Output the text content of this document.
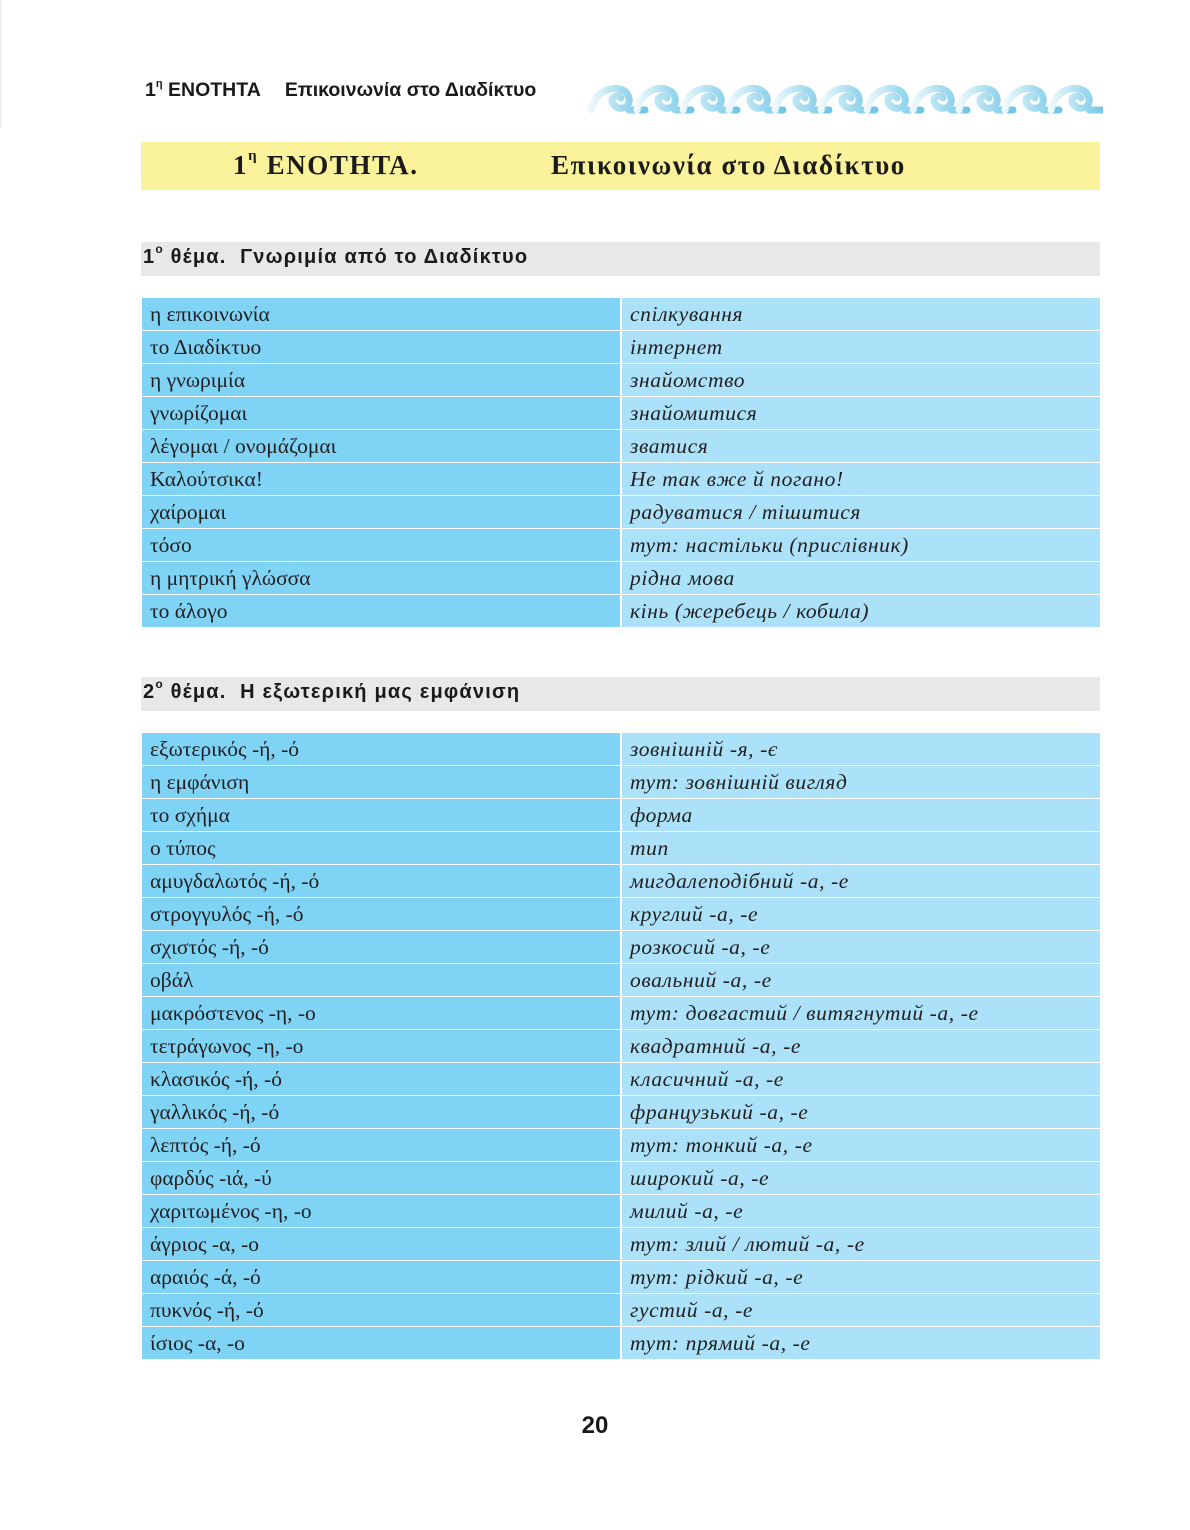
$1^\eta$ ΕΝΟΤΗΤΑ Επικοινωνία στο Διαδίκτυο
$1^\eta$ ΕΝΟΤΗΤΑ.	Επικοινωνία στο Διαδίκτυο
$1^o$ θέμα. Γνωριμία από το Διαδίκτυο
η επικοινωνία	спілкування
το Διαδίκτυο	інтернет
η γνωριμία	знайомство
γνωρίζομαι	знайомитися
λέγομαι / ονομάζομαι	зватися
Καλούτσικα!	Не так вже й погано!
χαίρομαι	радуватися / тішитися
τόσο	тут: настільки (прислівник)
η μητρική γλώσσα	рідна мова
το άλογο	кінь (жеребець / кобила)
$2^o$ θέμα. Η εξωτερική μας εμφάνιση
εξωτερικός -ή, -ό	зовнішній -я, -є
η εμφάνιση	тут: зовнішній вигляд
το σχήμα	форма
ο τύπος	тип
αμυγδαλωτός -ή, -ό	мигдалеподібний -а, -е
στρογγυλός -ή, -ό	круглий -а, -е
σχιστός -ή, -ό	розкосий -а, -е
οβάλ	овальний -а, -е
μακρόστενος -η, -ο	тут: довгастий / витягнутий -а, -е
τετράγωνος -η, -ο	квадратний -а, -е
κλασικός -ή, -ό	класичний -а, -е
γαλλικός -ή, -ό	французький -а, -е
λεπτός -ή, -ό	тут: тонкий -а, -е
φαρδύς -ιά, -ύ	широкий -а, -е
χαριτωμένος -η, -ο	милий -а, -е
άγριος -α, -ο	тут: злий / лютий -а, -е
αραιός -ά, -ό	тут: рідкий -а, -е
πυκνός -ή, -ό	густий -а, -е
ίσιος -α, -ο	тут: прямий -а, -е
20
